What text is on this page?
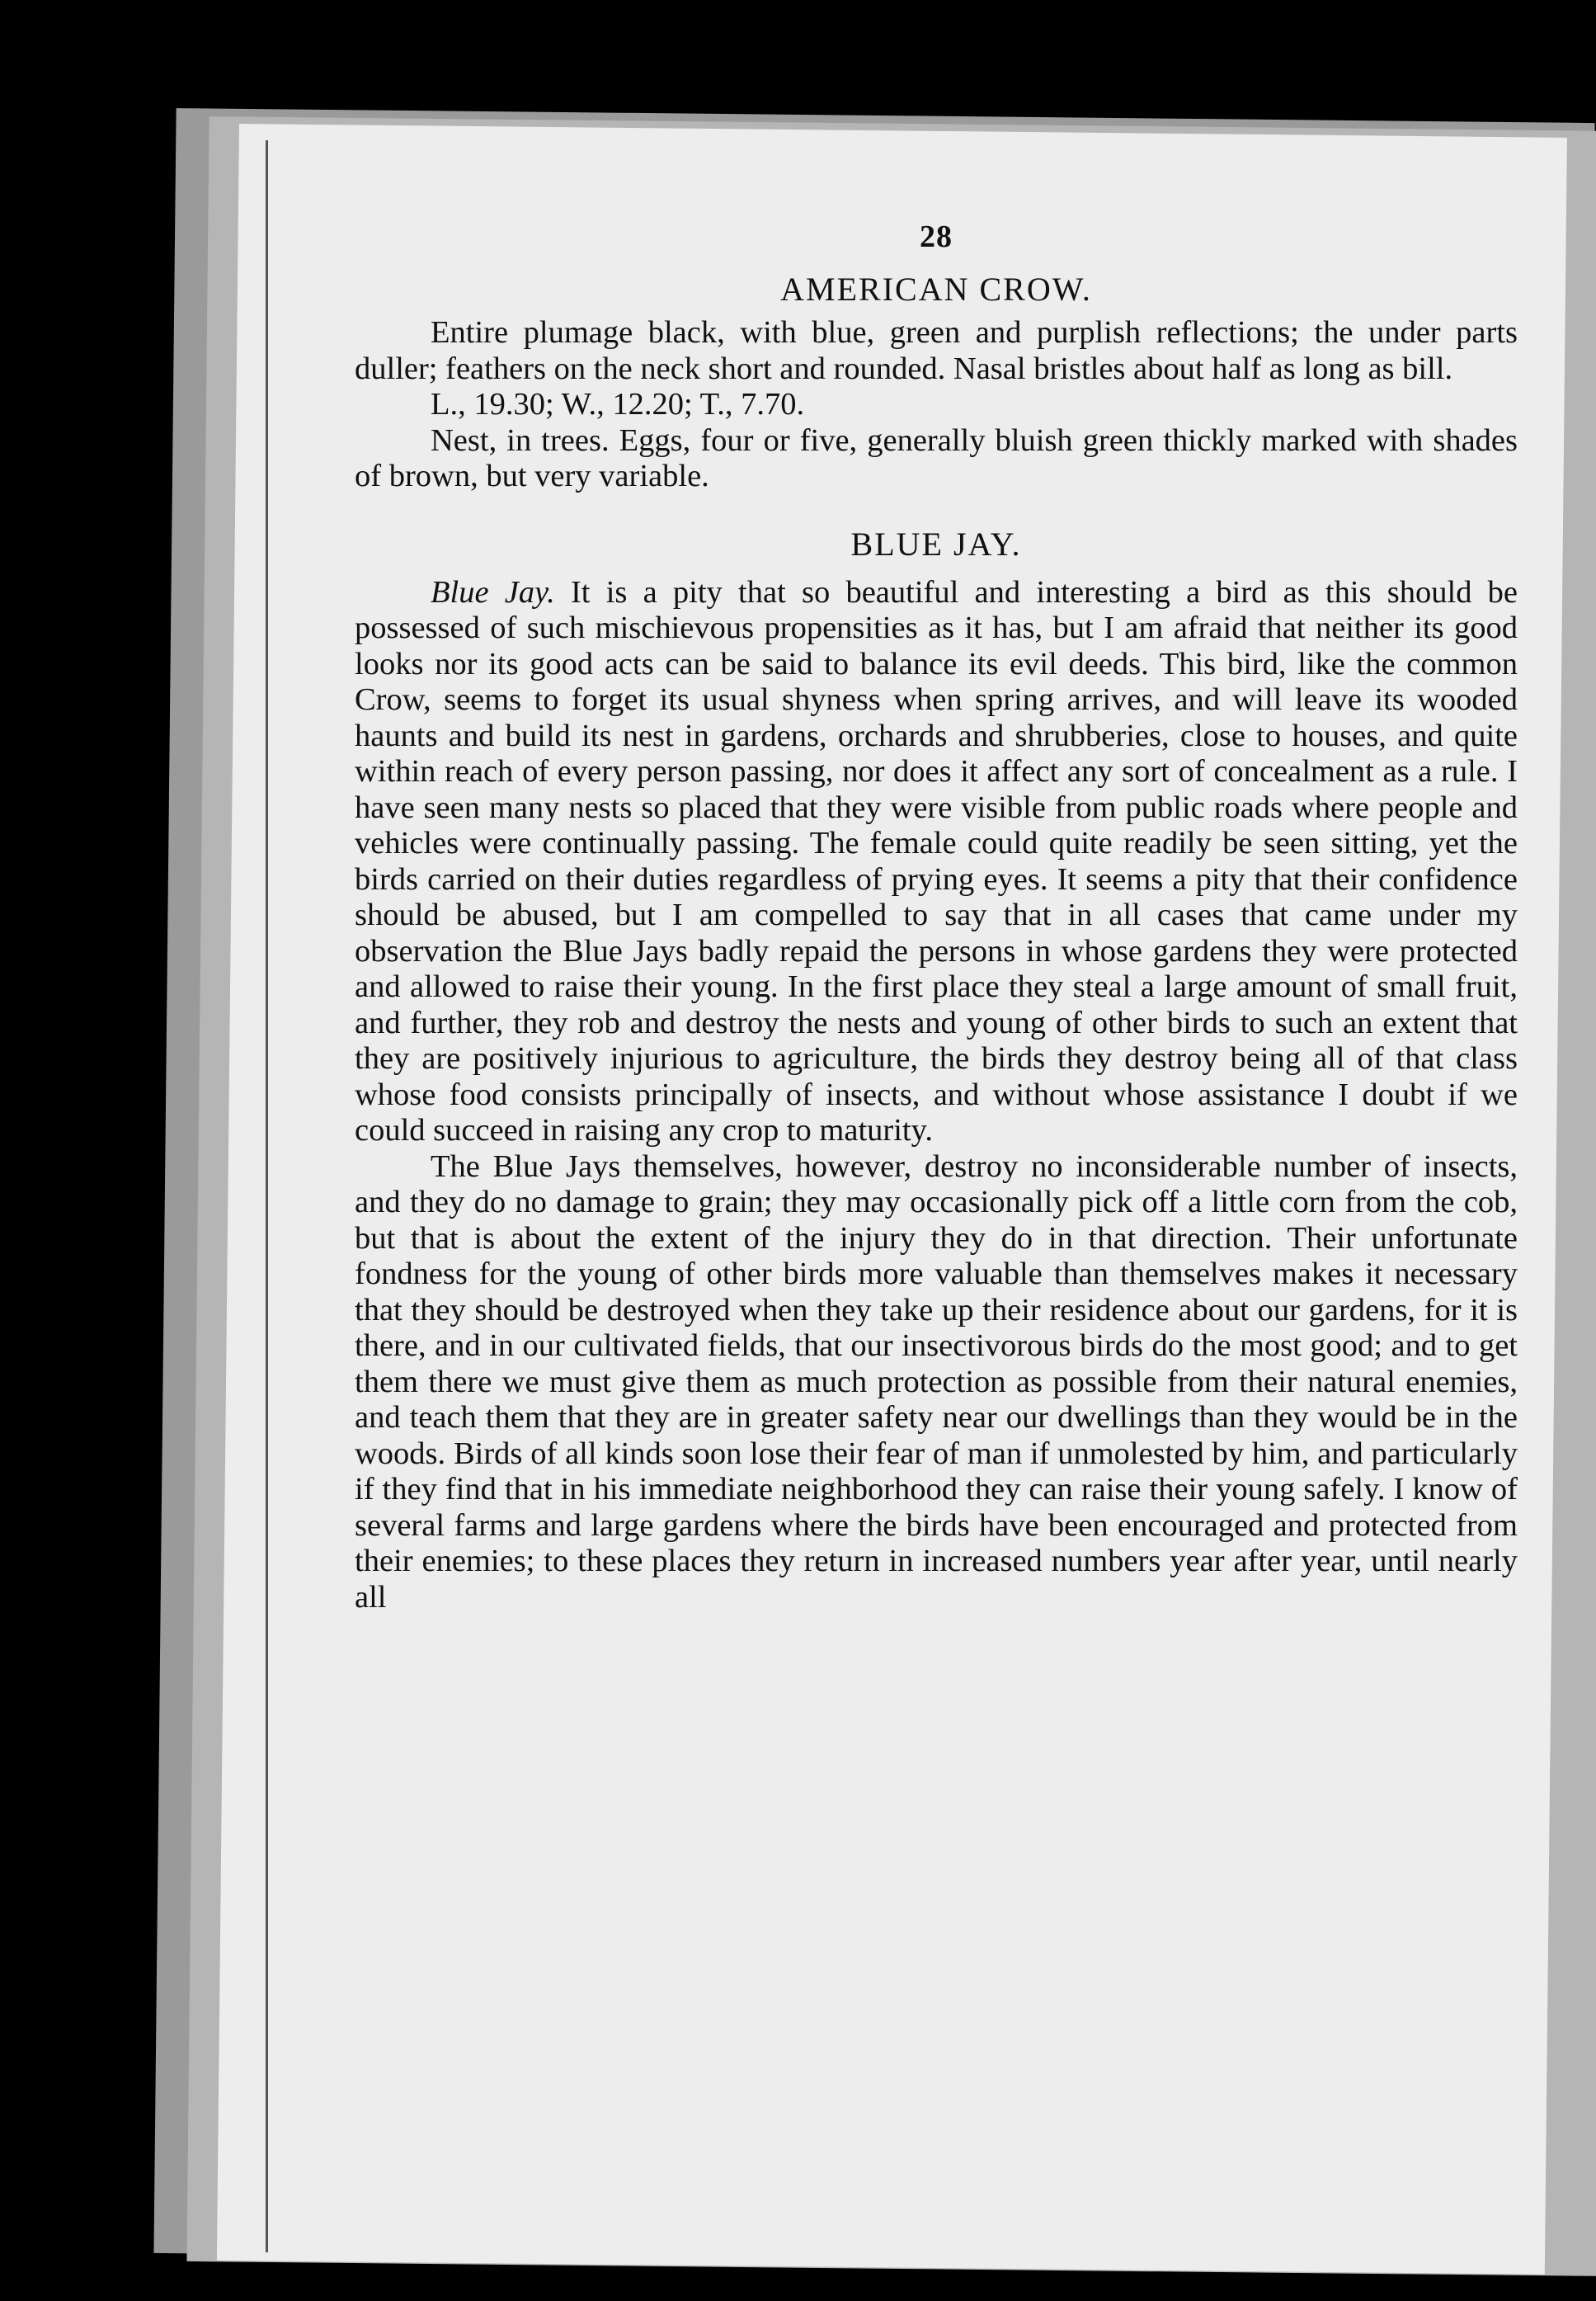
28
AMERICAN CROW.

Entire plumage black, with blue, green and purplish reflections; the under parts duller; feathers on the neck short and rounded. Nasal bristles about half as long as bill.

L., 19.30; W., 12.20; T., 7.70.

Nest, in trees. Eggs, four or five, generally bluish green thickly marked with shades of brown, but very variable.

BLUE JAY.

Blue Jay. It is a pity that so beautiful and interesting a bird as this should be possessed of such mischievous propensities as it has, but I am afraid that neither its good looks nor its good acts can be said to balance its evil deeds. This bird, like the common Crow, seems to forget its usual shyness when spring arrives, and will leave its wooded haunts and build its nest in gardens, orchards and shrubberies, close to houses, and quite within reach of every person passing, nor does it affect any sort of concealment as a rule. I have seen many nests so placed that they were visible from public roads where people and vehicles were continually passing. The female could quite readily be seen sitting, yet the birds carried on their duties regardless of prying eyes. It seems a pity that their confidence should be abused, but I am compelled to say that in all cases that came under my observation the Blue Jays badly repaid the persons in whose gardens they were protected and allowed to raise their young. In the first place they steal a large amount of small fruit, and further, they rob and destroy the nests and young of other birds to such an extent that they are positively injurious to agriculture, the birds they destroy being all of that class whose food consists principally of insects, and without whose assistance I doubt if we could succeed in raising any crop to maturity.

The Blue Jays themselves, however, destroy no inconsiderable number of insects, and they do no damage to grain; they may occasionally pick off a little corn from the cob, but that is about the extent of the injury they do in that direction. Their unfortunate fondness for the young of other birds more valuable than themselves makes it necessary that they should be destroyed when they take up their residence about our gardens, for it is there, and in our cultivated fields, that our insectivorous birds do the most good; and to get them there we must give them as much protection as possible from their natural enemies, and teach them that they are in greater safety near our dwellings than they would be in the woods. Birds of all kinds soon lose their fear of man if unmolested by him, and particularly if they find that in his immediate neighborhood they can raise their young safely. I know of several farms and large gardens where the birds have been encouraged and protected from their enemies; to these places they return in increased numbers year after year, until nearly all
